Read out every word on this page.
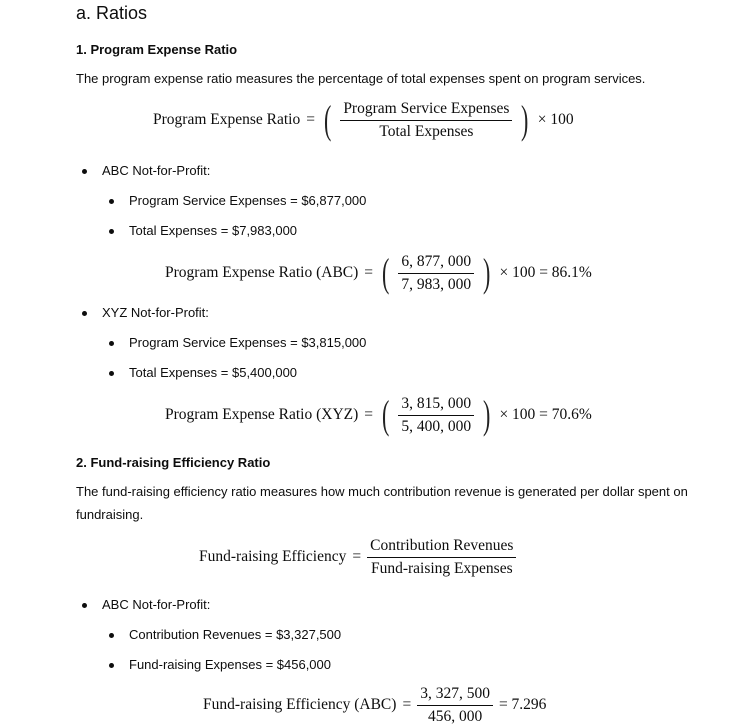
a. Ratios
1. Program Expense Ratio
The program expense ratio measures the percentage of total expenses spent on program services.
Program Expense Ratio = ( $\frac{\text{Program Service Expenses}}{\text{Total Expenses}}$ ) × 100
ABC Not-for-Profit:
Program Service Expenses = $6,877,000
Total Expenses = $7,983,000
Program Expense Ratio (ABC) = ( $\frac{6, 877, 000}{7, 983, 000}$ ) × 100 = 86.1%
XYZ Not-for-Profit:
Program Service Expenses = $3,815,000
Total Expenses = $5,400,000
Program Expense Ratio (XYZ) = ( $\frac{3, 815, 000}{5, 400, 000}$ ) × 100 = 70.6%
2. Fund-raising Efficiency Ratio
The fund-raising efficiency ratio measures how much contribution revenue is generated per dollar spent on fundraising.
Fund-raising Efficiency = $\frac{\text{Contribution Revenues}}{\text{Fund-raising Expenses}}$
ABC Not-for-Profit:
Contribution Revenues = $3,327,500
Fund-raising Expenses = $456,000
Fund-raising Efficiency $(ABC) = \frac{3, 327, 500}{456, 000} = 7.296$
